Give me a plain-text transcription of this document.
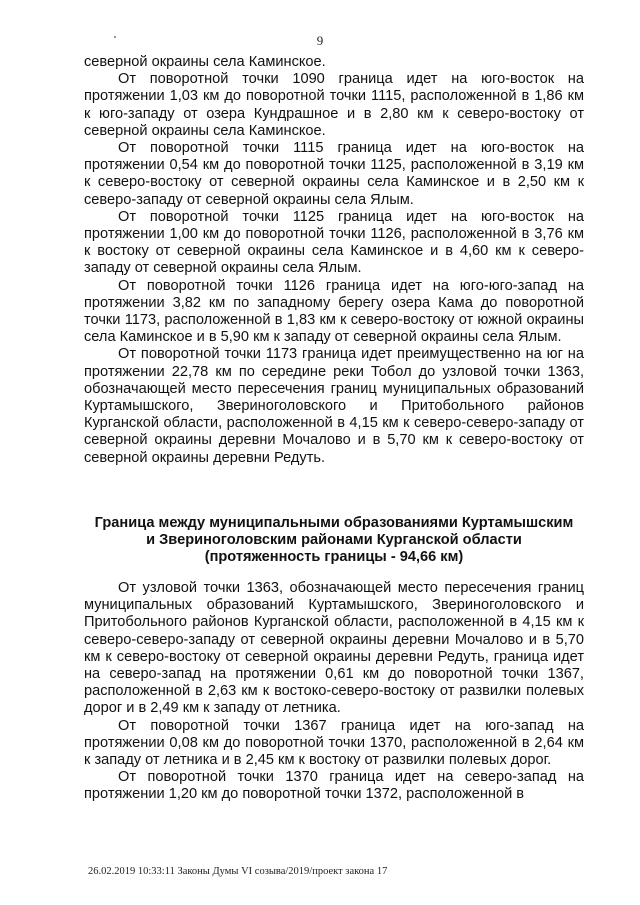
9

северной окраины села Каминское.

От поворотной точки 1090 граница идет на юго-восток на протяжении 1,03 км до поворотной точки 1115, расположенной в 1,86 км к юго-западу от озера Кундрашное и в 2,80 км к северо-востоку от северной окраины села Каминское.

От поворотной точки 1115 граница идет на юго-восток на протяжении 0,54 км до поворотной точки 1125, расположенной в 3,19 км к северо-востоку от северной окраины села Каминское и в 2,50 км к северо-западу от северной окраины села Ялым.

От поворотной точки 1125 граница идет на юго-восток на протяжении 1,00 км до поворотной точки 1126, расположенной в 3,76 км к востоку от северной окраины села Каминское и в 4,60 км к северо-западу от северной окраины села Ялым.

От поворотной точки 1126 граница идет на юго-юго-запад на протяжении 3,82 км по западному берегу озера Кама до поворотной точки 1173, расположенной в 1,83 км к северо-востоку от южной окраины села Каминское и в 5,90 км к западу от северной окраины села Ялым.

От поворотной точки 1173 граница идет преимущественно на юг на протяжении 22,78 км по середине реки Тобол до узловой точки 1363, обозначающей место пересечения границ муниципальных образований Куртамышского, Звериноголовского и Притобольного районов Курганской области, расположенной в 4,15 км к северо-северо-западу от северной окраины деревни Мочалово и в 5,70 км к северо-востоку от северной окраины деревни Редуть.

Граница между муниципальными образованиями Куртамышским
и Звериноголовским районами Курганской области
(протяженность границы - 94,66 км)

От узловой точки 1363, обозначающей место пересечения границ муниципальных образований Куртамышского, Звериноголовского и Притобольного районов Курганской области, расположенной в 4,15 км к северо-северо-западу от северной окраины деревни Мочалово и в 5,70 км к северо-востоку от северной окраины деревни Редуть, граница идет на северо-запад на протяжении 0,61 км до поворотной точки 1367, расположенной в 2,63 км к востоко-северо-востоку от развилки полевых дорог и в 2,49 км к западу от летника.

От поворотной точки 1367 граница идет на юго-запад на протяжении 0,08 км до поворотной точки 1370, расположенной в 2,64 км к западу от летника и в 2,45 км к востоку от развилки полевых дорог.

От поворотной точки 1370 граница идет на северо-запад на протяжении 1,20 км до поворотной точки 1372, расположенной в

26.02.2019 10:33:11 Законы Думы VI созыва/2019/проект закона 17
